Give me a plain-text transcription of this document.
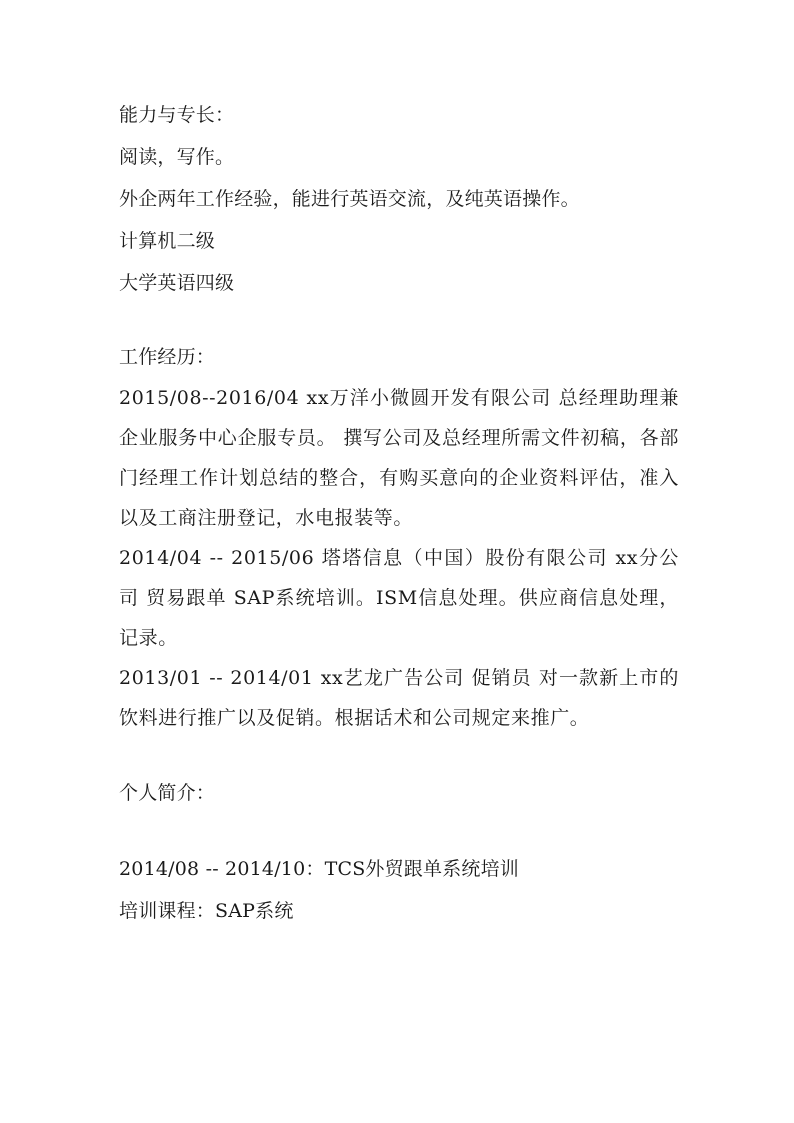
能力与专长：
阅读，写作。
外企两年工作经验，能进行英语交流，及纯英语操作。
计算机二级
大学英语四级
工作经历：
2015/08--2016/04 xx万洋小微圆开发有限公司 总经理助理兼企业服务中心企服专员。 撰写公司及总经理所需文件初稿，各部门经理工作计划总结的整合，有购买意向的企业资料评估，准入以及工商注册登记，水电报装等。
2014/04 -- 2015/06 塔塔信息（中国）股份有限公司 xx分公司 贸易跟单 SAP系统培训。ISM信息处理。供应商信息处理，记录。
2013/01 -- 2014/01 xx艺龙广告公司 促销员 对一款新上市的饮料进行推广以及促销。根据话术和公司规定来推广。
个人简介：
2014/08 -- 2014/10：TCS外贸跟单系统培训
培训课程：SAP系统
